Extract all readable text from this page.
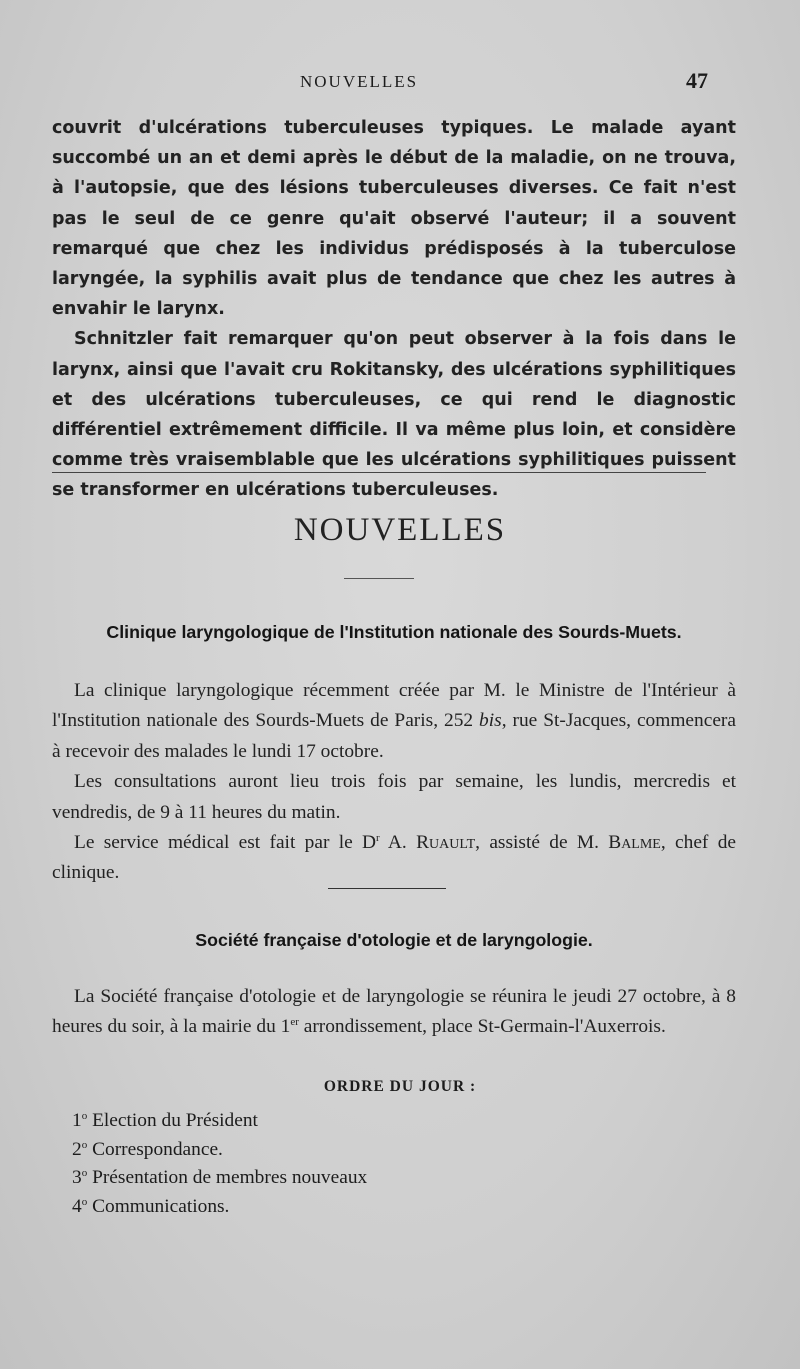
NOUVELLES	47

couvrit d'ulcérations tuberculeuses typiques. Le malade ayant succombé un an et demi après le début de la maladie, on ne trouva, à l'autopsie, que des lésions tuberculeuses diverses. Ce fait n'est pas le seul de ce genre qu'ait observé l'auteur; il a souvent remarqué que chez les individus prédisposés à la tuberculose laryngée, la syphilis avait plus de tendance que chez les autres à envahir le larynx.

Schnitzler fait remarquer qu'on peut observer à la fois dans le larynx, ainsi que l'avait cru Rokitansky, des ulcérations syphilitiques et des ulcérations tuberculeuses, ce qui rend le diagnostic différentiel extrêmement difficile. Il va même plus loin, et considère comme très vraisemblable que les ulcérations syphilitiques puissent se transformer en ulcérations tuberculeuses.

NOUVELLES
Clinique laryngologique de l'Institution nationale des Sourds-Muets.

La clinique laryngologique récemment créée par M. le Ministre de l'Intérieur à l'Institution nationale des Sourds-Muets de Paris, 252 bis, rue St-Jacques, commencera à recevoir des malades le lundi 17 octobre.

Les consultations auront lieu trois fois par semaine, les lundis, mercredis et vendredis, de 9 à 11 heures du matin.

Le service médical est fait par le $D^r$ A. Ruault, assisté de M. Balme, chef de clinique.

Société française d'otologie et de laryngologie.

La Société française d'otologie et de laryngologie se réunira le jeudi 27 octobre, à 8 heures du soir, à la mairie du 1er arrondissement, place St-Germain-l'Auxerrois.

ORDRE DU JOUR :
1$^o$ Election du Président
2$^o$ Correspondance.
3$^o$ Présentation de membres nouveaux
4$^o$ Communications.
